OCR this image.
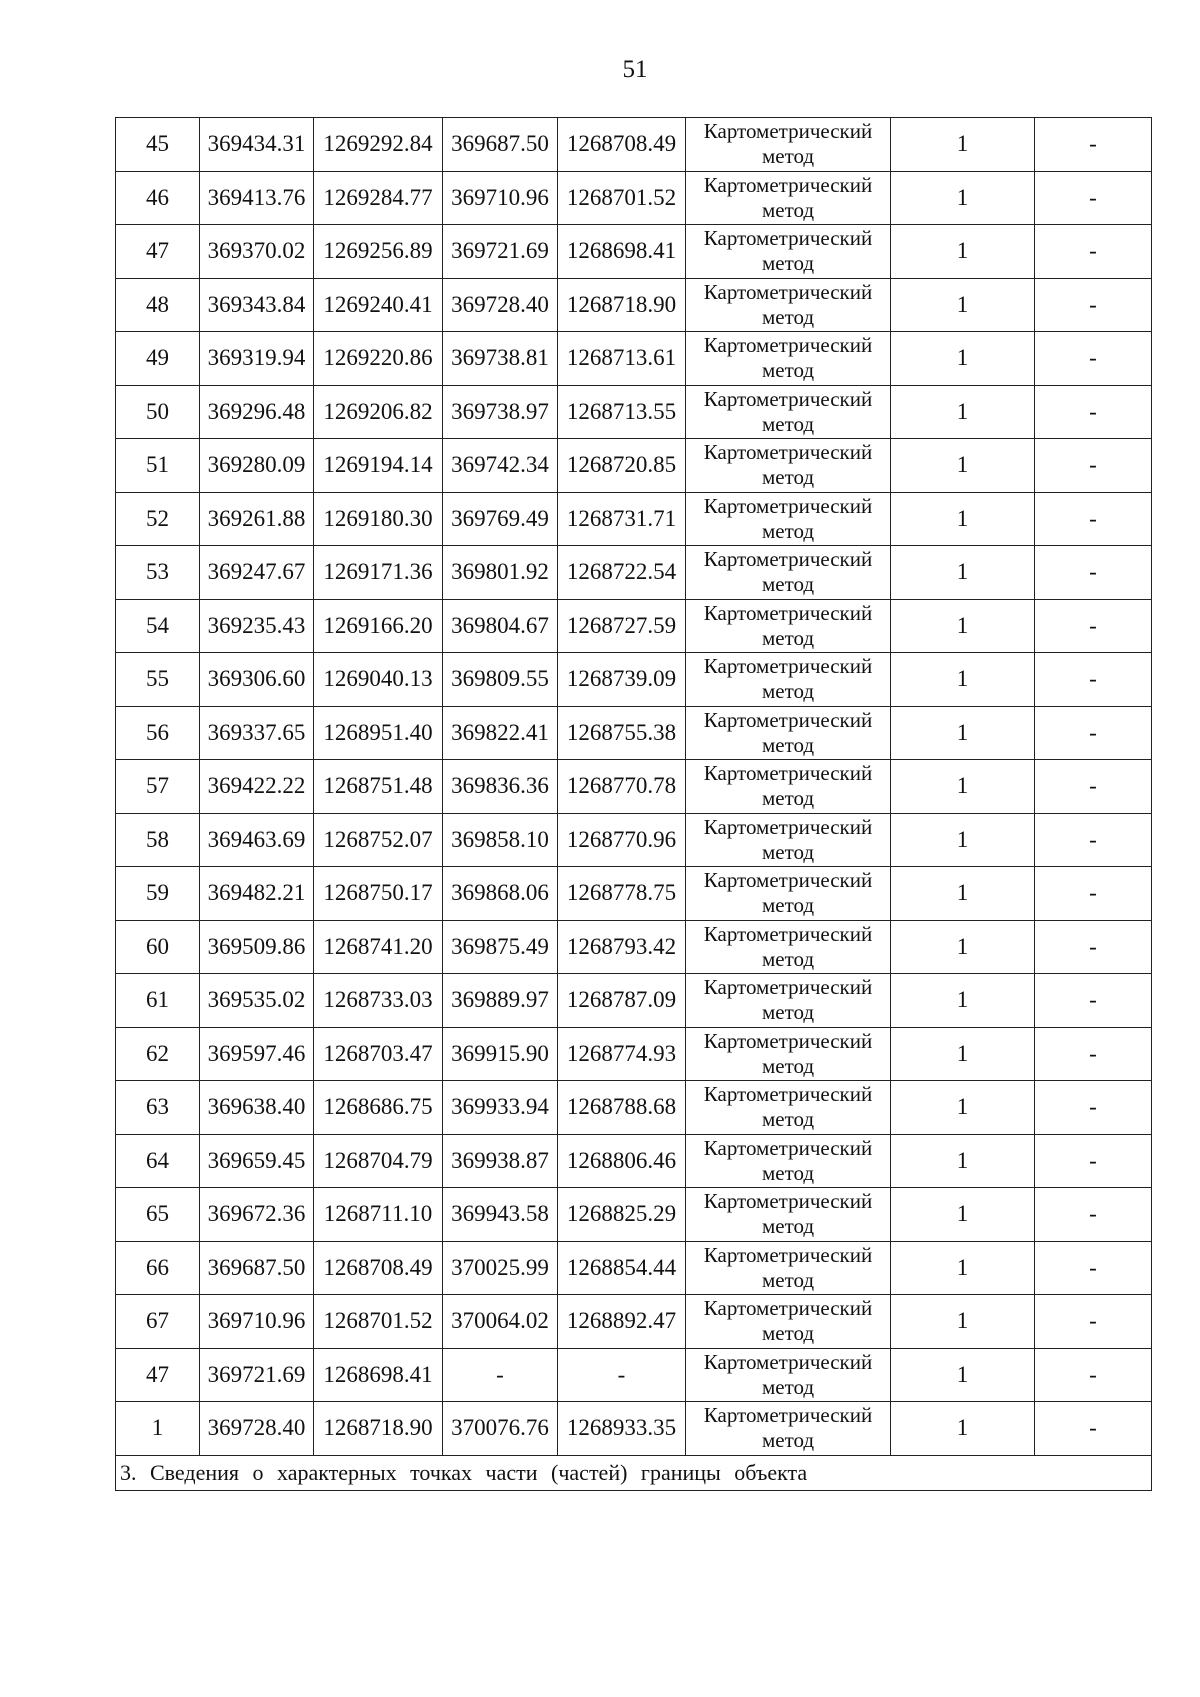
51
45	369434.31	1269292.84	369687.50	1268708.49	Картометрический метод	1	-
46	369413.76	1269284.77	369710.96	1268701.52	Картометрический метод	1	-
47	369370.02	1269256.89	369721.69	1268698.41	Картометрический метод	1	-
48	369343.84	1269240.41	369728.40	1268718.90	Картометрический метод	1	-
49	369319.94	1269220.86	369738.81	1268713.61	Картометрический метод	1	-
50	369296.48	1269206.82	369738.97	1268713.55	Картометрический метод	1	-
51	369280.09	1269194.14	369742.34	1268720.85	Картометрический метод	1	-
52	369261.88	1269180.30	369769.49	1268731.71	Картометрический метод	1	-
53	369247.67	1269171.36	369801.92	1268722.54	Картометрический метод	1	-
54	369235.43	1269166.20	369804.67	1268727.59	Картометрический метод	1	-
55	369306.60	1269040.13	369809.55	1268739.09	Картометрический метод	1	-
56	369337.65	1268951.40	369822.41	1268755.38	Картометрический метод	1	-
57	369422.22	1268751.48	369836.36	1268770.78	Картометрический метод	1	-
58	369463.69	1268752.07	369858.10	1268770.96	Картометрический метод	1	-
59	369482.21	1268750.17	369868.06	1268778.75	Картометрический метод	1	-
60	369509.86	1268741.20	369875.49	1268793.42	Картометрический метод	1	-
61	369535.02	1268733.03	369889.97	1268787.09	Картометрический метод	1	-
62	369597.46	1268703.47	369915.90	1268774.93	Картометрический метод	1	-
63	369638.40	1268686.75	369933.94	1268788.68	Картометрический метод	1	-
64	369659.45	1268704.79	369938.87	1268806.46	Картометрический метод	1	-
65	369672.36	1268711.10	369943.58	1268825.29	Картометрический метод	1	-
66	369687.50	1268708.49	370025.99	1268854.44	Картометрический метод	1	-
67	369710.96	1268701.52	370064.02	1268892.47	Картометрический метод	1	-
47	369721.69	1268698.41	-	-	Картометрический метод	1	-
1	369728.40	1268718.90	370076.76	1268933.35	Картометрический метод	1	-
3. Сведения о характерных точках части (частей) границы объекта							
